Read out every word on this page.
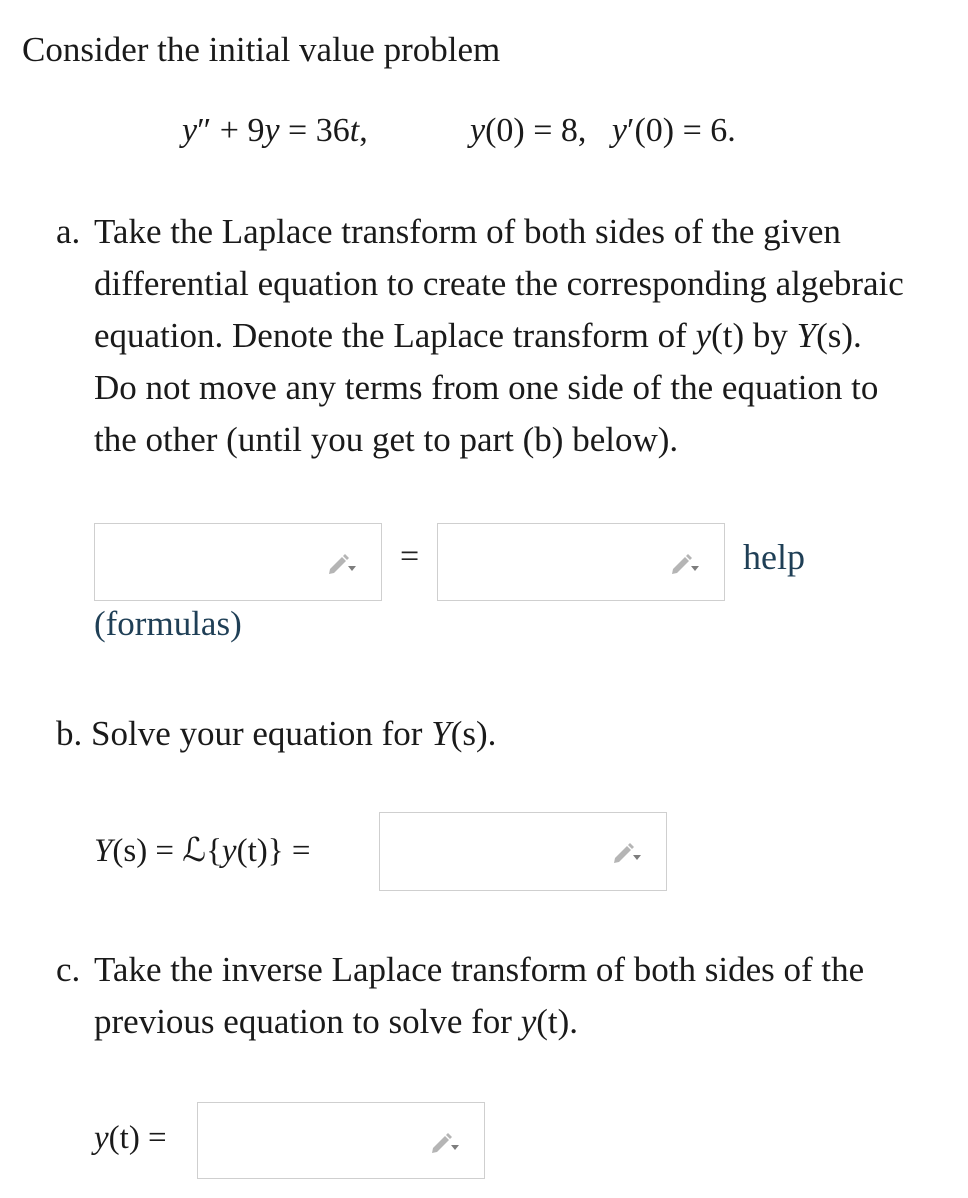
Consider the initial value problem
y″ + 9y = 36t,	y(0) = 8, y′(0) = 6.
a. Take the Laplace transform of both sides of the given
differential equation to create the corresponding algebraic
equation. Denote the Laplace transform of y(t) by Y(s).
Do not move any terms from one side of the equation to
the other (until you get to part (b) below).
=	help
(formulas)
b. Solve your equation for Y(s).
Y(s) = ℒ{y(t)} =
c. Take the inverse Laplace transform of both sides of the
previous equation to solve for y(t).
y(t) =
